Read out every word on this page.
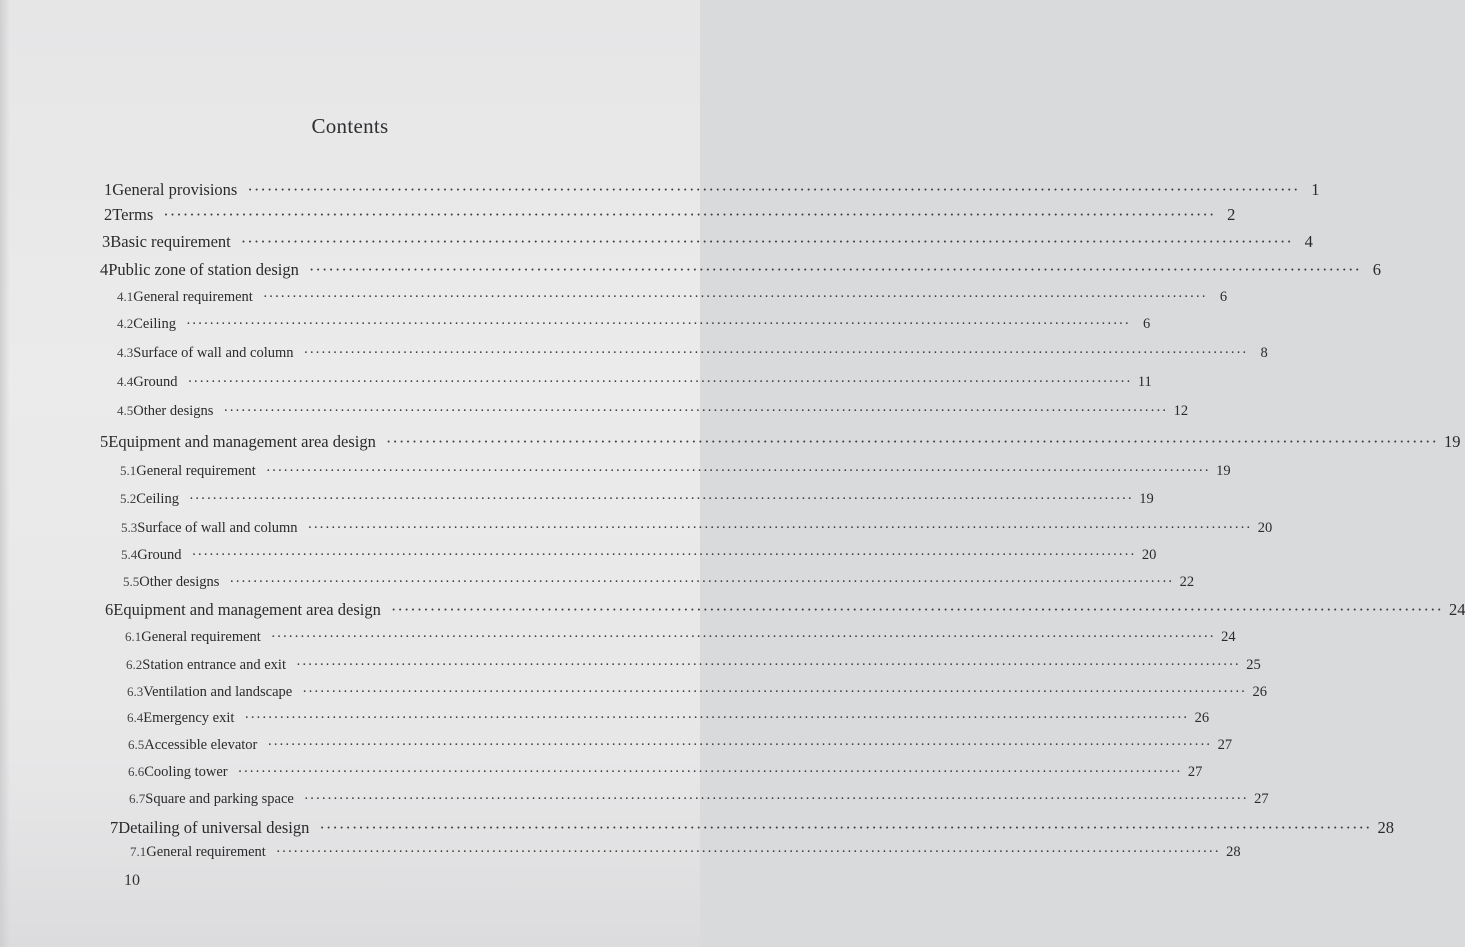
Contents
1 General provisions ·····	1
2 Terms ·····	2
3 Basic requirement ·····	4
4 Public zone of station design ·····	6
4.1 General requirement ·····	6
4.2 Ceiling ·····	6
4.3 Surface of wall and column ·····	8
4.4 Ground ·····	11
4.5 Other designs ·····	12
5 Equipment and management area design ·····	19
5.1 General requirement ·····	19
5.2 Ceiling ·····	19
5.3 Surface of wall and column ·····	20
5.4 Ground ·····	20
5.5 Other designs ·····	22
6 Equipment and management area design ·····	24
6.1 General requirement ·····	24
6.2 Station entrance and exit ·····	25
6.3 Ventilation and landscape ·····	26
6.4 Emergency exit ·····	26
6.5 Accessible elevator ·····	27
6.6 Cooling tower ·····	27
6.7 Square and parking space ·····	27
7 Detailing of universal design ·····	28
7.1 General requirement ·····	28
10
